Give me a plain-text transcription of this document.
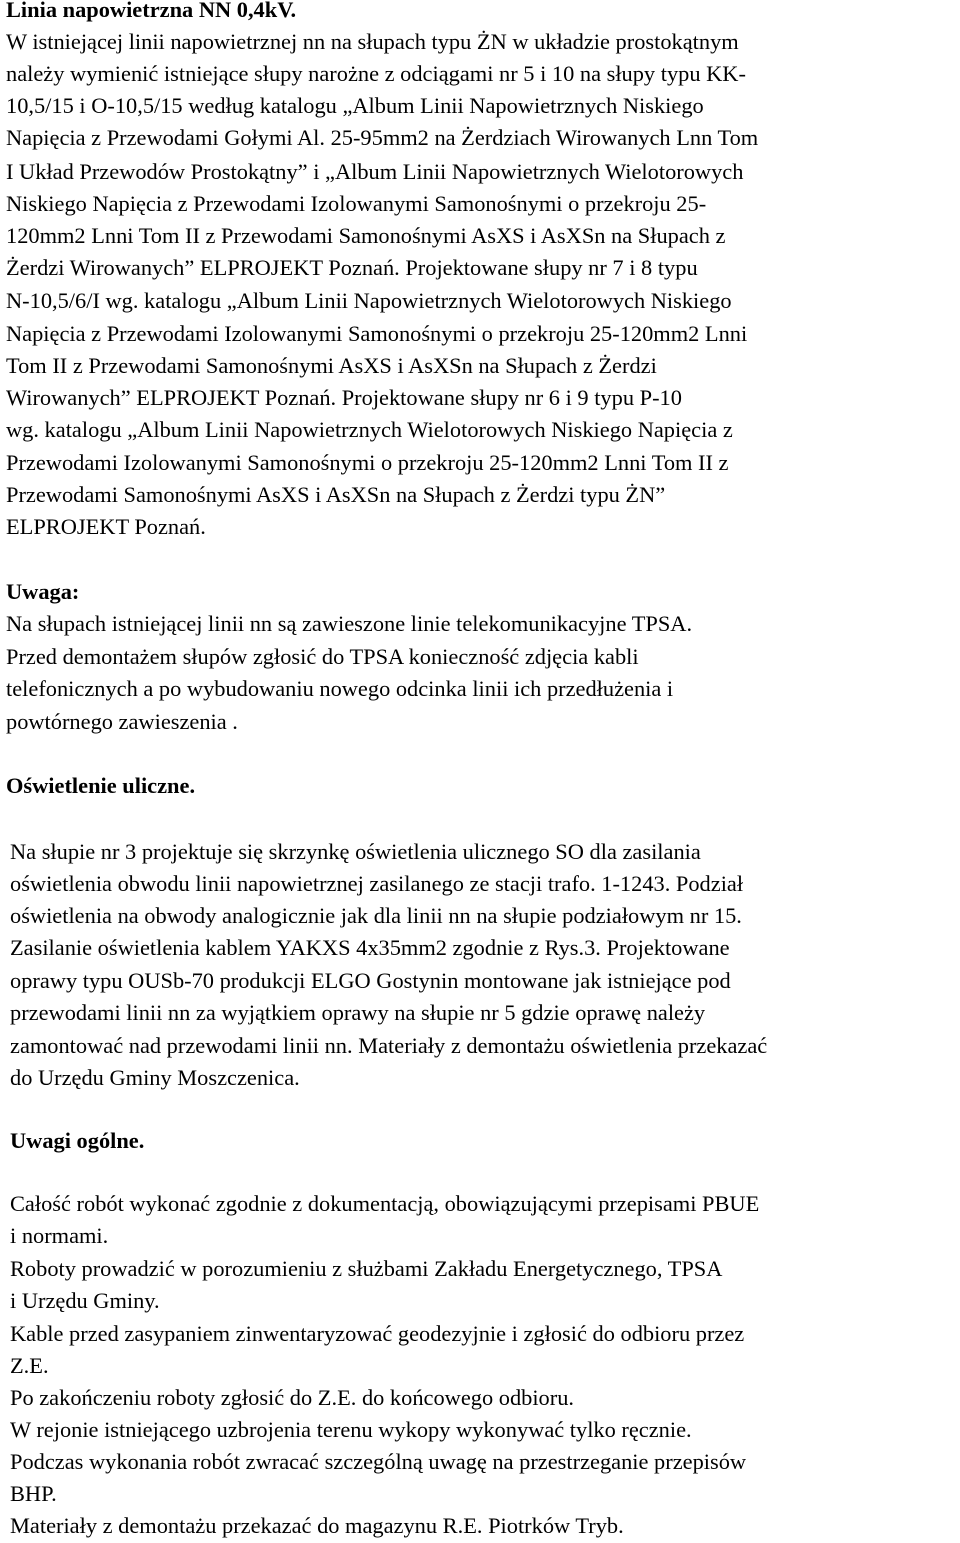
Linia napowietrzna NN 0,4kV.
W istniejącej linii napowietrznej nn na słupach typu ŻN w układzie prostokątnym
należy wymienić istniejące słupy narożne z odciągami nr 5 i 10 na słupy typu KK-
10,5/15 i O-10,5/15 według katalogu „Album Linii Napowietrznych Niskiego
Napięcia z Przewodami Gołymi Al. 25-95mm2 na Żerdziach Wirowanych Lnn Tom
I Układ Przewodów Prostokątny” i „Album Linii Napowietrznych Wielotorowych
Niskiego Napięcia z Przewodami Izolowanymi Samonośnymi o przekroju 25-
120mm2 Lnni Tom II z Przewodami Samonośnymi AsXS i AsXSn na Słupach z
Żerdzi Wirowanych” ELPROJEKT Poznań. Projektowane słupy nr 7 i 8 typu
N-10,5/6/I wg. katalogu „Album Linii Napowietrznych Wielotorowych Niskiego
Napięcia z Przewodami Izolowanymi Samonośnymi o przekroju 25-120mm2 Lnni
Tom II z Przewodami Samonośnymi AsXS i AsXSn na Słupach z Żerdzi
Wirowanych” ELPROJEKT Poznań. Projektowane słupy nr 6 i 9 typu P-10
wg. katalogu „Album Linii Napowietrznych Wielotorowych Niskiego Napięcia z
Przewodami Izolowanymi Samonośnymi o przekroju 25-120mm2 Lnni Tom II z
Przewodami Samonośnymi AsXS i AsXSn na Słupach z Żerdzi typu ŻN”
ELPROJEKT Poznań.
Uwaga:
Na słupach istniejącej linii nn są zawieszone linie telekomunikacyjne TPSA.
Przed demontażem słupów zgłosić do TPSA konieczność zdjęcia kabli
telefonicznych a po wybudowaniu nowego odcinka linii ich przedłużenia i
powtórnego zawieszenia .
Oświetlenie uliczne.
Na słupie nr 3 projektuje się skrzynkę oświetlenia ulicznego SO dla zasilania
oświetlenia obwodu linii napowietrznej zasilanego ze stacji trafo. 1-1243. Podział
oświetlenia na obwody analogicznie jak dla linii nn na słupie podziałowym nr 15.
Zasilanie oświetlenia kablem YAKXS 4x35mm2 zgodnie z Rys.3. Projektowane
oprawy typu OUSb-70 produkcji ELGO Gostynin montowane jak istniejące pod
przewodami linii nn za wyjątkiem oprawy na słupie nr 5 gdzie oprawę należy
zamontować nad przewodami linii nn. Materiały z demontażu oświetlenia przekazać
do Urzędu Gminy Moszczenica.
Uwagi ogólne.
Całość robót wykonać zgodnie z dokumentacją, obowiązującymi przepisami PBUE
i normami.
Roboty prowadzić w porozumieniu z służbami Zakładu Energetycznego, TPSA
i Urzędu Gminy.
Kable przed zasypaniem zinwentaryzować geodezyjnie i zgłosić do odbioru przez
Z.E.
Po zakończeniu roboty zgłosić do Z.E. do końcowego odbioru.
W rejonie istniejącego uzbrojenia terenu wykopy wykonywać tylko ręcznie.
Podczas wykonania robót zwracać szczególną uwagę na przestrzeganie przepisów
BHP.
Materiały z demontażu przekazać do magazynu R.E. Piotrków Tryb.
